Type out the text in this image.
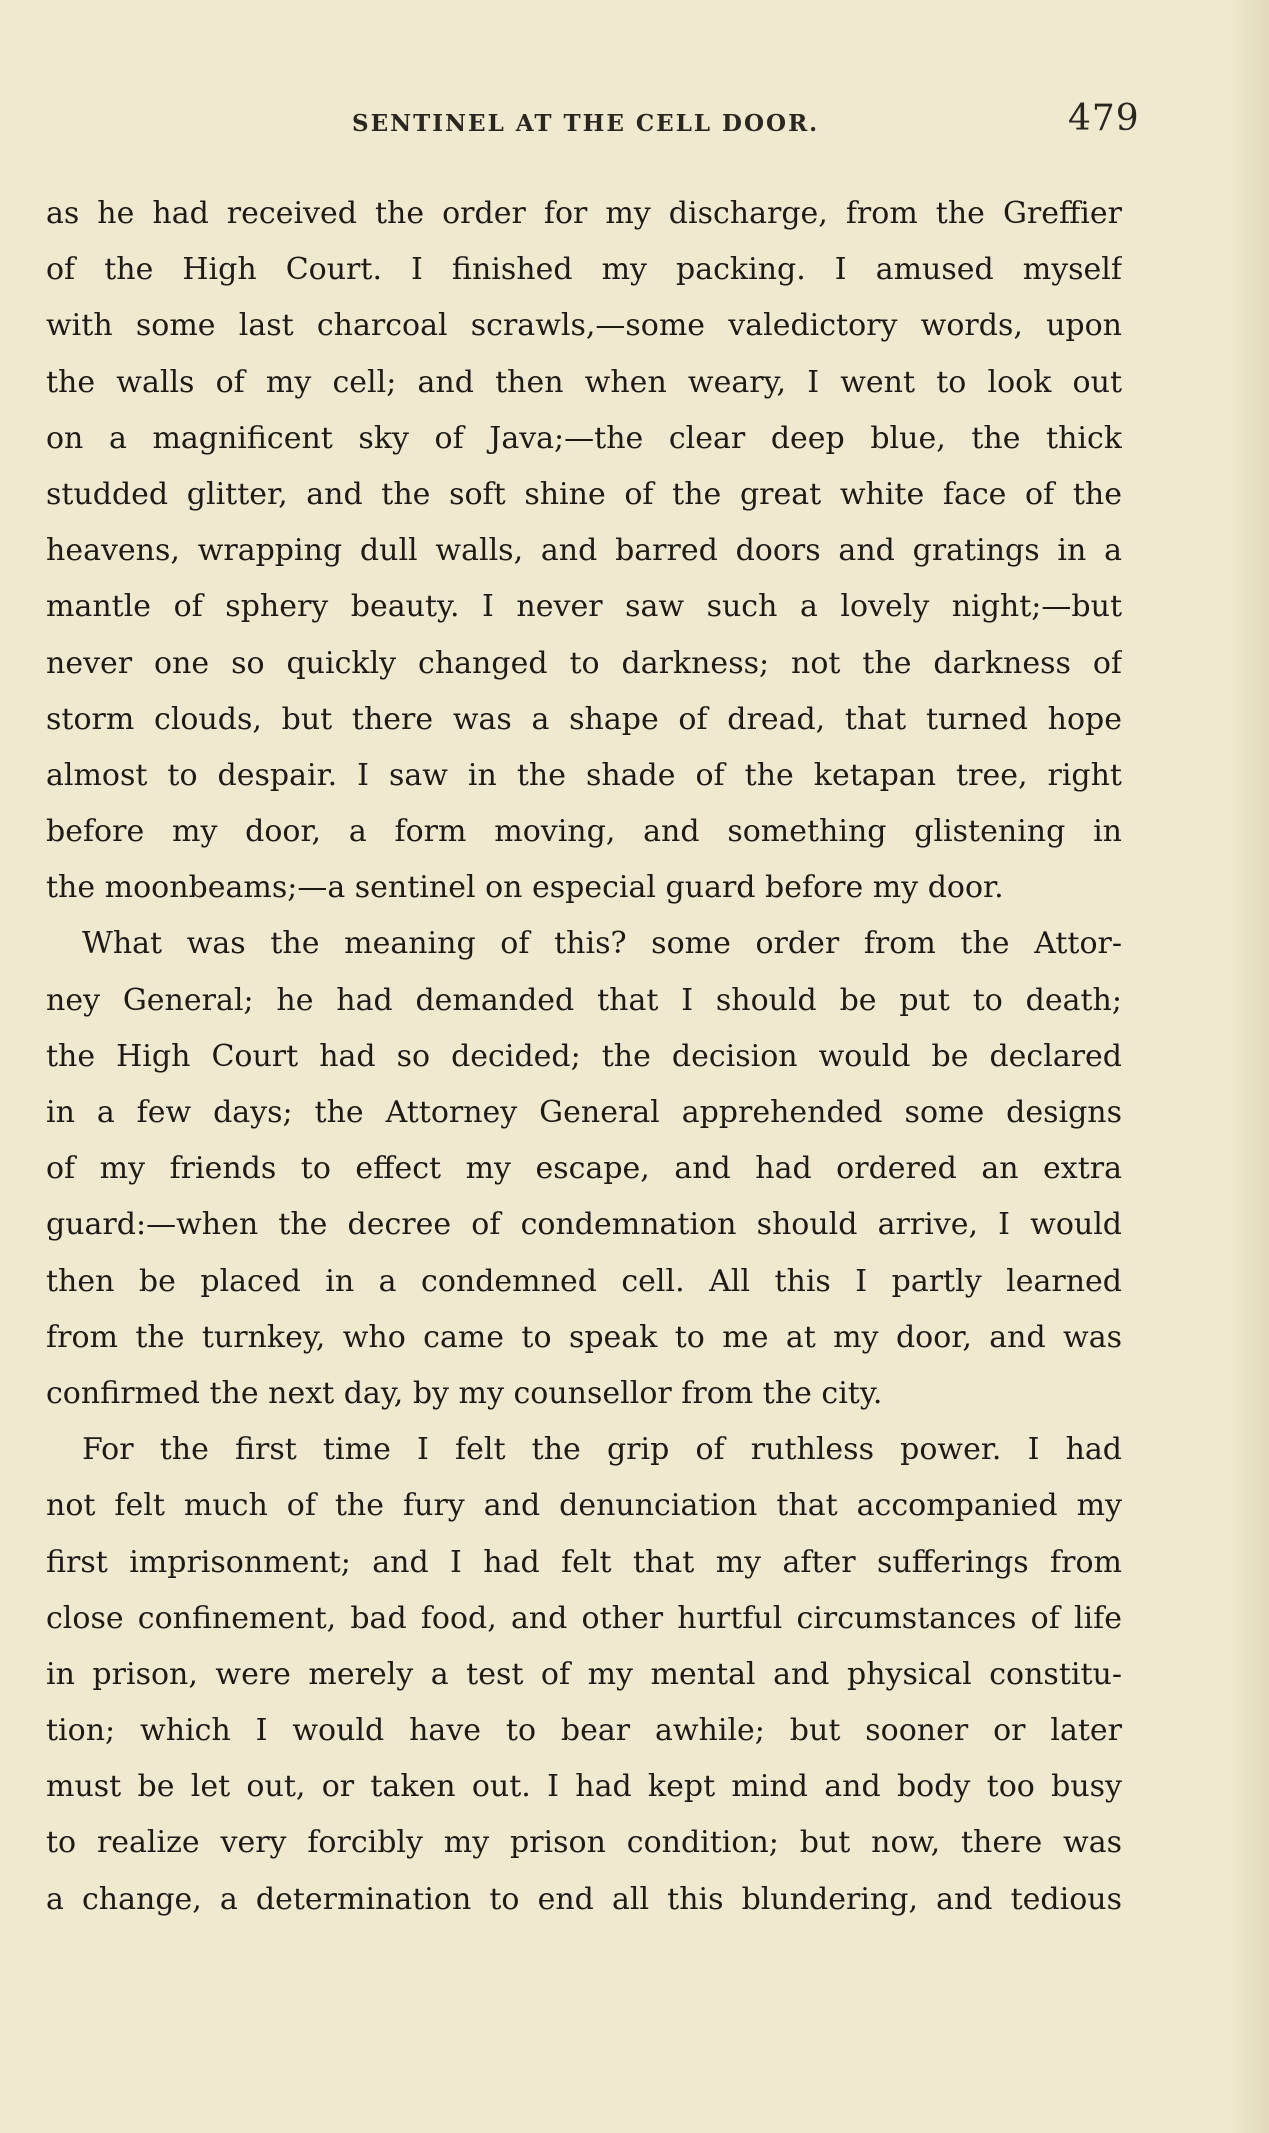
SENTINEL AT THE CELL DOOR.	479
as he had received the order for my discharge, from the Greffier
of the High Court. I finished my packing. I amused myself
with some last charcoal scrawls,—some valedictory words, upon
the walls of my cell; and then when weary, I went to look out
on a magnificent sky of Java;—the clear deep blue, the thick
studded glitter, and the soft shine of the great white face of the
heavens, wrapping dull walls, and barred doors and gratings in a
mantle of sphery beauty. I never saw such a lovely night;—but
never one so quickly changed to darkness; not the darkness of
storm clouds, but there was a shape of dread, that turned hope
almost to despair. I saw in the shade of the ketapan tree, right
before my door, a form moving, and something glistening in
the moonbeams;—a sentinel on especial guard before my door.
What was the meaning of this? some order from the Attor-
ney General; he had demanded that I should be put to death;
the High Court had so decided; the decision would be declared
in a few days; the Attorney General apprehended some designs
of my friends to effect my escape, and had ordered an extra
guard:—when the decree of condemnation should arrive, I would
then be placed in a condemned cell. All this I partly learned
from the turnkey, who came to speak to me at my door, and was
confirmed the next day, by my counsellor from the city.
For the first time I felt the grip of ruthless power. I had
not felt much of the fury and denunciation that accompanied my
first imprisonment; and I had felt that my after sufferings from
close confinement, bad food, and other hurtful circumstances of life
in prison, were merely a test of my mental and physical constitu-
tion; which I would have to bear awhile; but sooner or later
must be let out, or taken out. I had kept mind and body too busy
to realize very forcibly my prison condition; but now, there was
a change, a determination to end all this blundering, and tedious
